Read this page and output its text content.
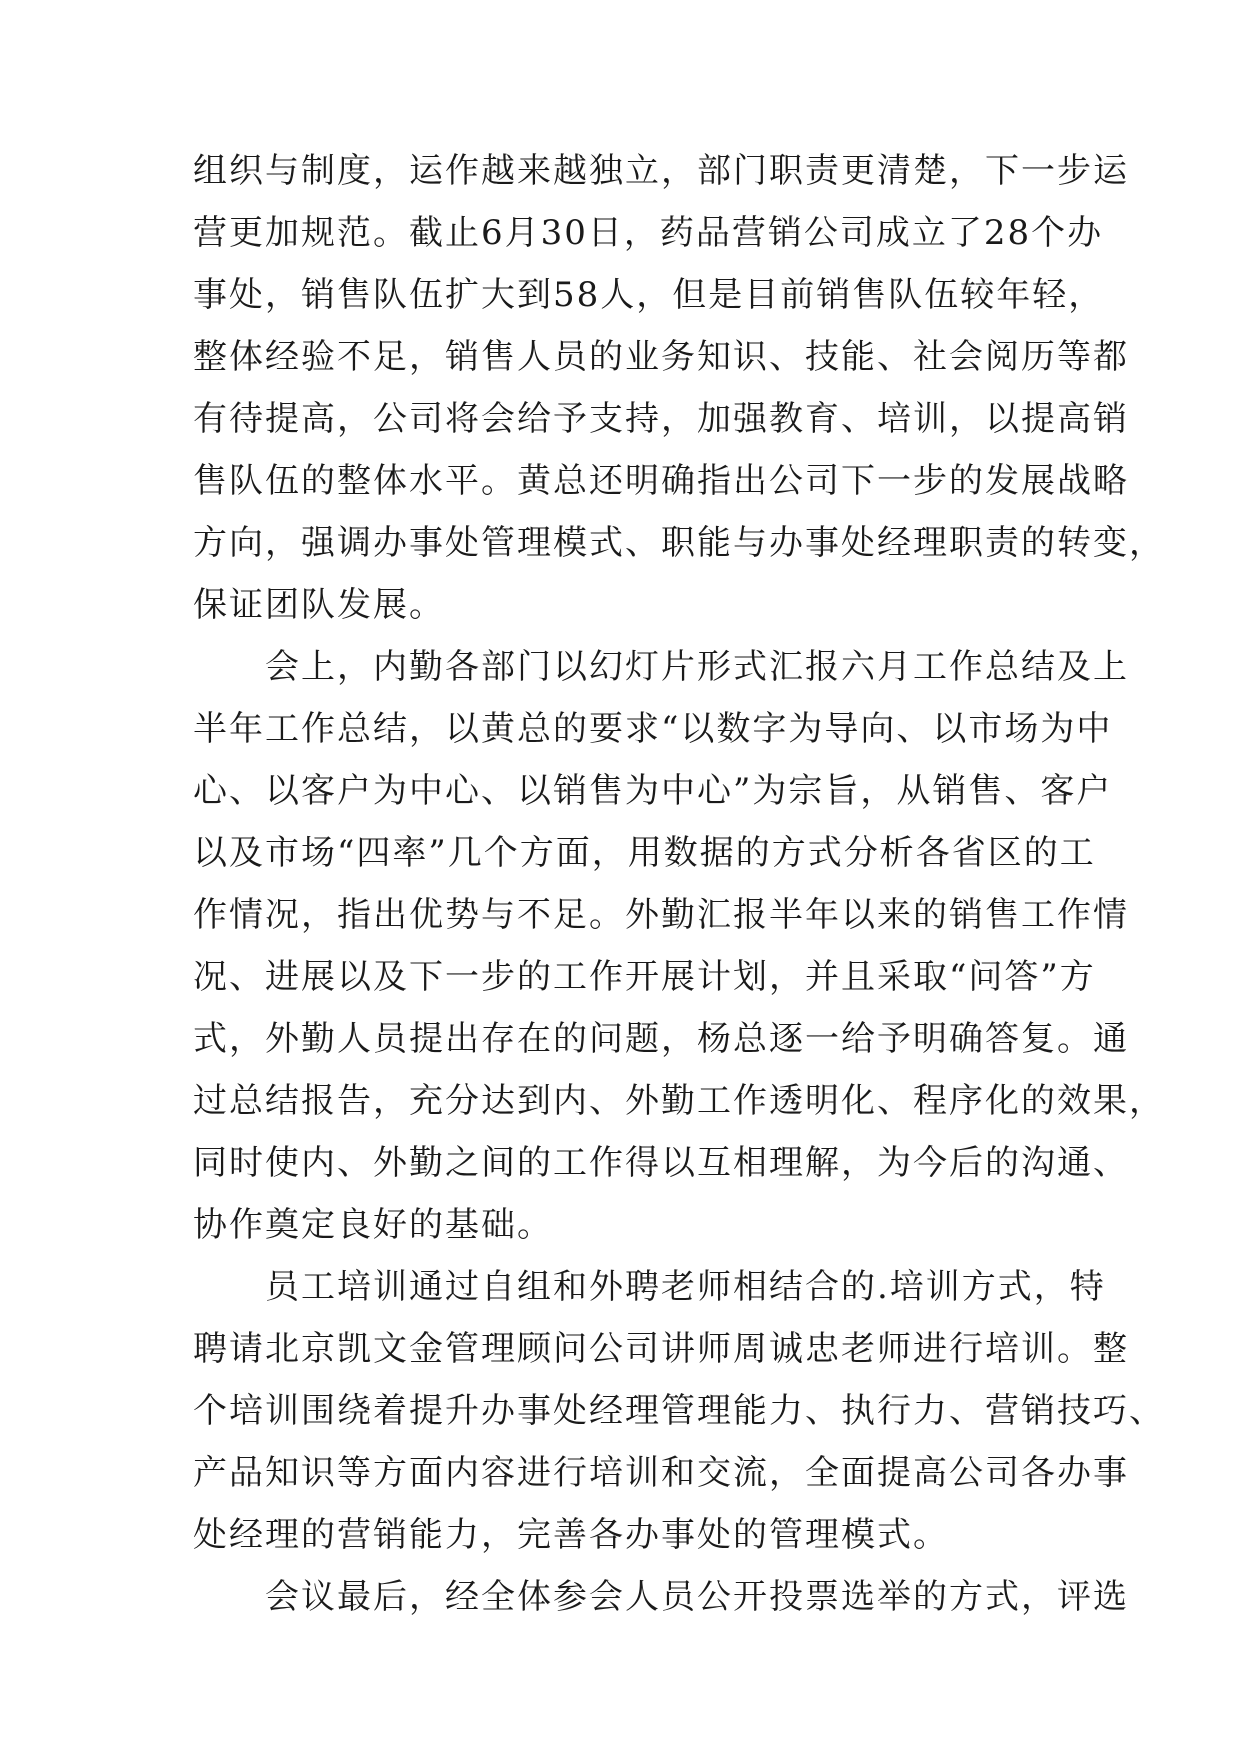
组织与制度，运作越来越独立，部门职责更清楚，下一步运
营更加规范。截止6月30日，药品营销公司成立了28个办
事处，销售队伍扩大到58人，但是目前销售队伍较年轻，
整体经验不足，销售人员的业务知识、技能、社会阅历等都
有待提高，公司将会给予支持，加强教育、培训，以提高销
售队伍的整体水平。黄总还明确指出公司下一步的发展战略
方向，强调办事处管理模式、职能与办事处经理职责的转变，
保证团队发展。
　　会上，内勤各部门以幻灯片形式汇报六月工作总结及上
半年工作总结，以黄总的要求“以数字为导向、以市场为中
心、以客户为中心、以销售为中心”为宗旨，从销售、客户
以及市场“四率”几个方面，用数据的方式分析各省区的工
作情况，指出优势与不足。外勤汇报半年以来的销售工作情
况、进展以及下一步的工作开展计划，并且采取“问答”方
式，外勤人员提出存在的问题，杨总逐一给予明确答复。通
过总结报告，充分达到内、外勤工作透明化、程序化的效果，
同时使内、外勤之间的工作得以互相理解，为今后的沟通、
协作奠定良好的基础。
　　员工培训通过自组和外聘老师相结合的.培训方式，特
聘请北京凯文金管理顾问公司讲师周诚忠老师进行培训。整
个培训围绕着提升办事处经理管理能力、执行力、营销技巧、
产品知识等方面内容进行培训和交流，全面提高公司各办事
处经理的营销能力，完善各办事处的管理模式。
　　会议最后，经全体参会人员公开投票选举的方式，评选
